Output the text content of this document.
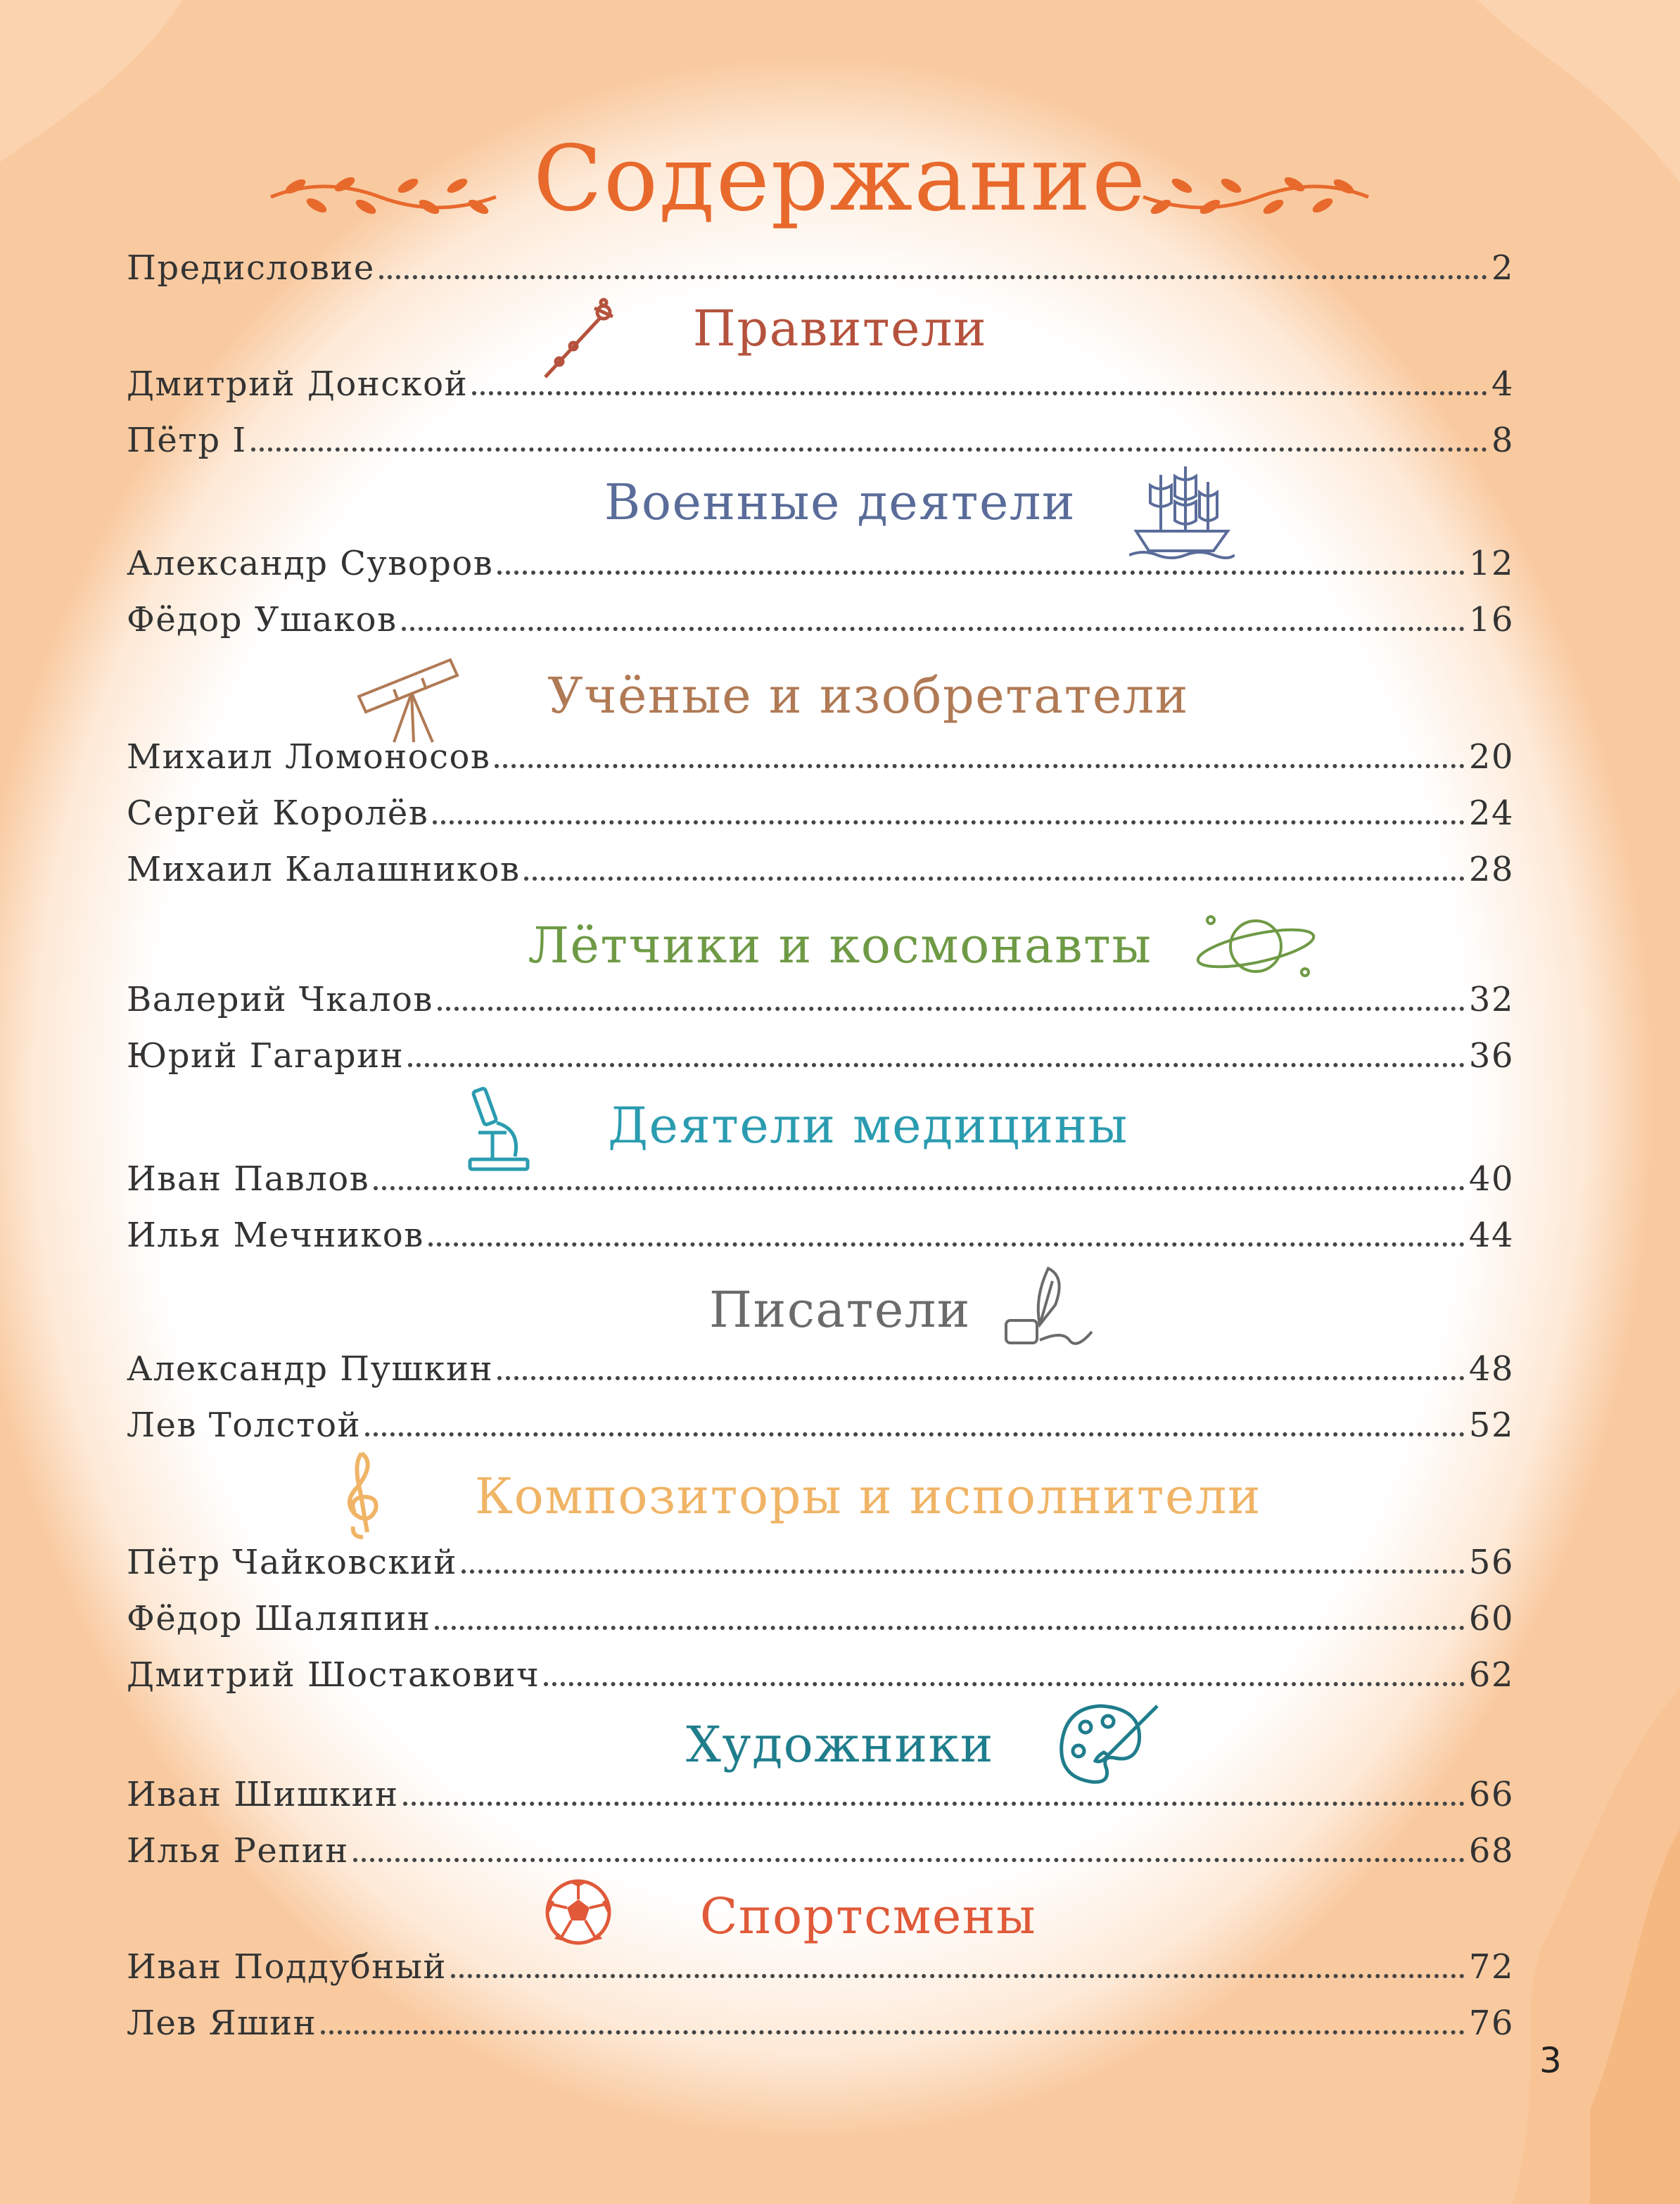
Содержание
Предисловие	2
Правители
Дмитрий Донской	4
Пётр I	8
Военные деятели
Александр Суворов	12
Фёдор Ушаков	16
Учёные и изобретатели
Михаил Ломоносов	20
Сергей Королёв	24
Михаил Калашников	28
Лётчики и космонавты
Валерий Чкалов	32
Юрий Гагарин	36
Деятели медицины
Иван Павлов	40
Илья Мечников	44
Писатели
Александр Пушкин	48
Лев Толстой	52
Композиторы и исполнители
Пётр Чайковский	56
Фёдор Шаляпин	60
Дмитрий Шостакович	62
Художники
Иван Шишкин	66
Илья Репин	68
Спортсмены
Иван Поддубный	72
Лев Яшин	76
3
